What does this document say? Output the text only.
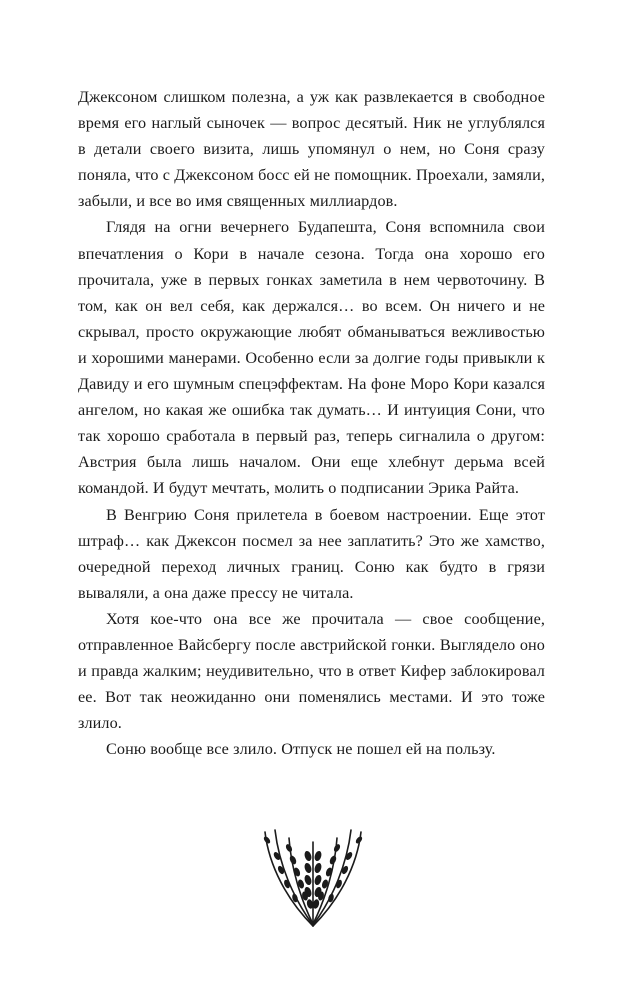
Джексоном слишком полезна, а уж как развлекается в свободное время его наглый сыночек — вопрос десятый. Ник не углублялся в детали своего визита, лишь упомянул о нем, но Соня сразу поняла, что с Джексоном босс ей не помощник. Проехали, замяли, забыли, и все во имя священных миллиардов.

Глядя на огни вечернего Будапешта, Соня вспомнила свои впечатления о Кори в начале сезона. Тогда она хорошо его прочитала, уже в первых гонках заметила в нем червоточину. В том, как он вел себя, как держался… во всем. Он ничего и не скрывал, просто окружающие любят обманываться вежливостью и хорошими манерами. Особенно если за долгие годы привыкли к Давиду и его шумным спецэффектам. На фоне Моро Кори казался ангелом, но какая же ошибка так думать… И интуиция Сони, что так хорошо сработала в первый раз, теперь сигналила о другом: Австрия была лишь началом. Они еще хлебнут дерьма всей командой. И будут мечтать, молить о подписании Эрика Райта.

В Венгрию Соня прилетела в боевом настроении. Еще этот штраф… как Джексон посмел за нее заплатить? Это же хамство, очередной переход личных границ. Соню как будто в грязи вываляли, а она даже прессу не читала.

Хотя кое-что она все же прочитала — свое сообщение, отправленное Вайсбергу после австрийской гонки. Выглядело оно и правда жалким; неудивительно, что в ответ Кифер заблокировал ее. Вот так неожиданно они поменялись местами. И это тоже злило.

Соню вообще все злило. Отпуск не пошел ей на пользу.
